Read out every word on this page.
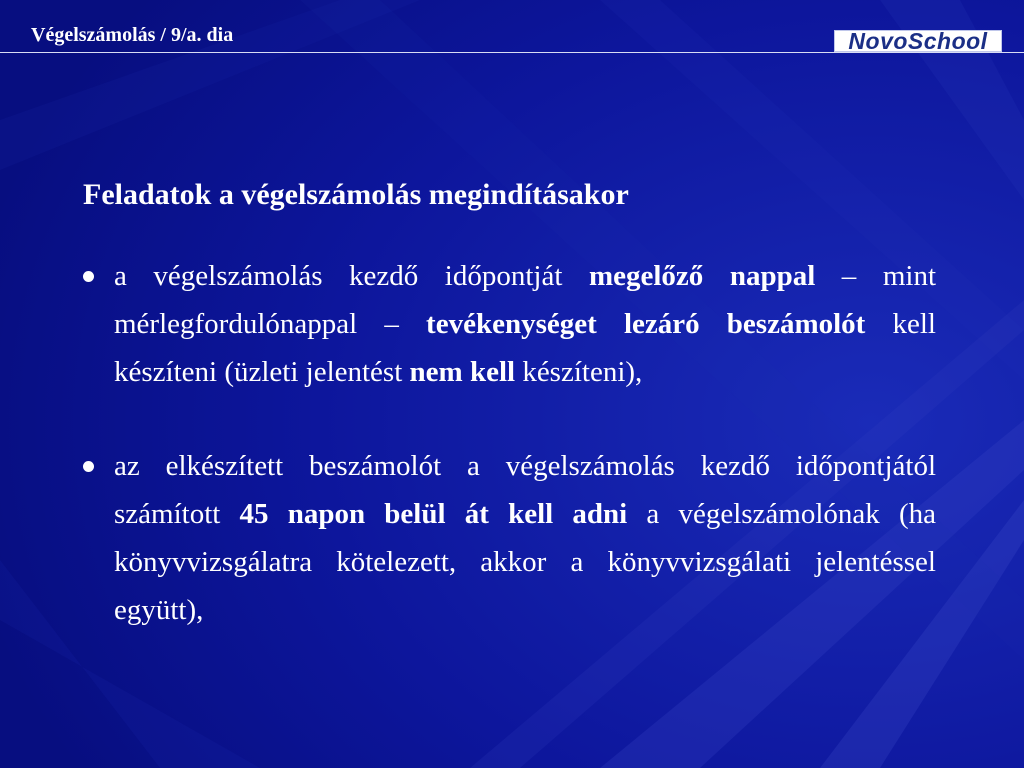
Végelszámolás / 9/a. dia	NovoSchool
Feladatok a végelszámolás megindításakor
a végelszámolás kezdő időpontját megelőző nappal – mint mérlegfordulónappal – tevékenységet lezáró beszámolót kell készíteni (üzleti jelentést nem kell készíteni),
az elkészített beszámolót a végelszámolás kezdő időpontjától számított 45 napon belül át kell adni a végelszámolónak (ha könyvvizsgálatra kötelezett, akkor a könyvvizsgálati jelentéssel együtt),
